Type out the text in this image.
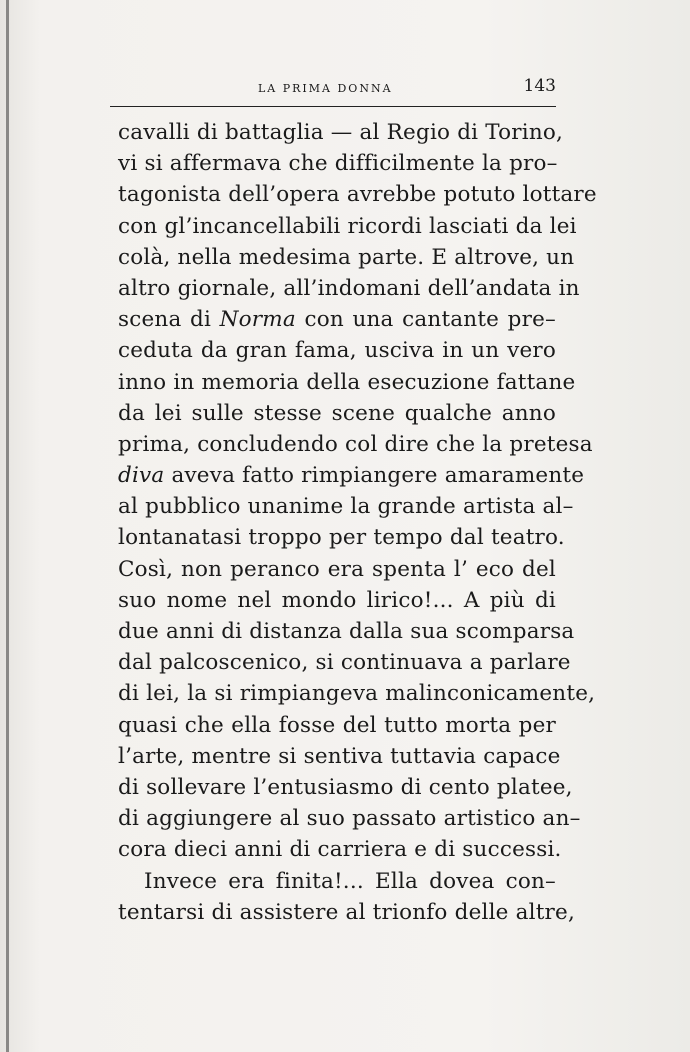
LA PRIMA DONNA	143
cavalli di battaglia — al Regio di Torino,
vi si affermava che difficilmente la pro–
tagonista dell’opera avrebbe potuto lottare
con gl’incancellabili ricordi lasciati da lei
colà, nella medesima parte. E altrove, un
altro giornale, all’indomani dell’andata in
scena di Norma con una cantante pre–
ceduta da gran fama, usciva in un vero
inno in memoria della esecuzione fattane
da lei sulle stesse scene qualche anno
prima, concludendo col dire che la pretesa
diva aveva fatto rimpiangere amaramente
al pubblico unanime la grande artista al–
lontanatasi troppo per tempo dal teatro.
Così, non peranco era spenta l’ eco del
suo nome nel mondo lirico!... A più di
due anni di distanza dalla sua scomparsa
dal palcoscenico, si continuava a parlare
di lei, la si rimpiangeva malinconicamente,
quasi che ella fosse del tutto morta per
l’arte, mentre si sentiva tuttavia capace
di sollevare l’entusiasmo di cento platee,
di aggiungere al suo passato artistico an–
cora dieci anni di carriera e di successi.
Invece era finita!... Ella dovea con–
tentarsi di assistere al trionfo delle altre,
